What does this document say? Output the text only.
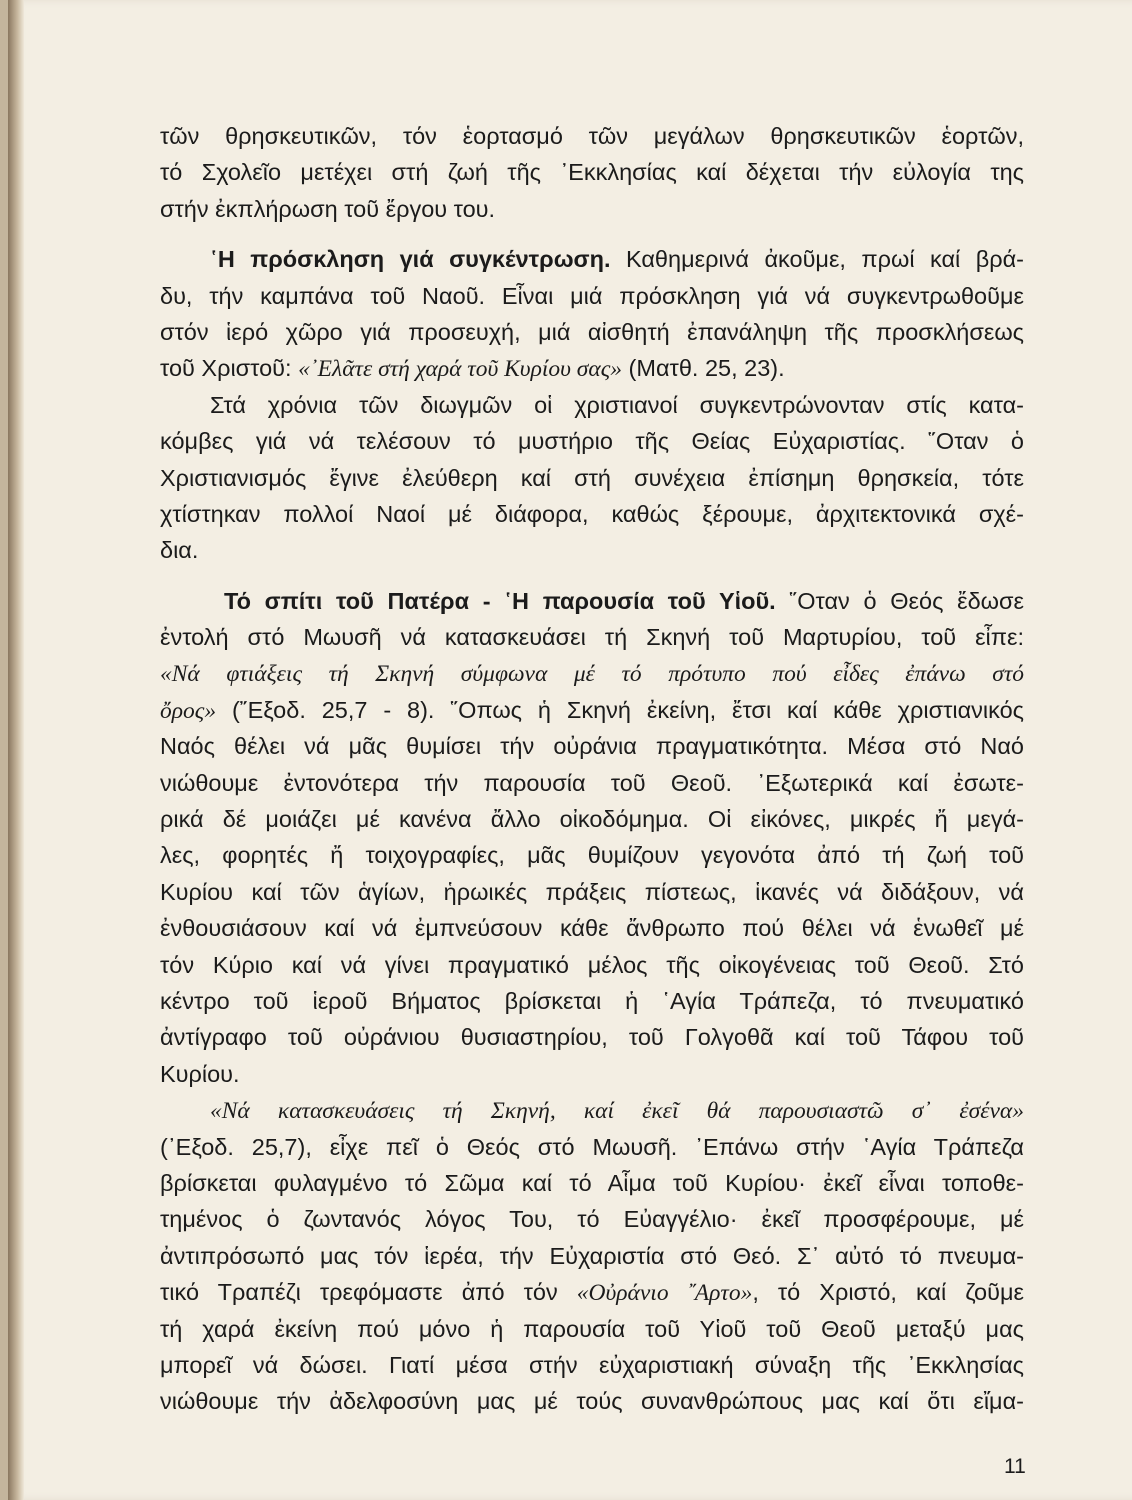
τῶν θρησκευτικῶν, τόν ἑορτασμό τῶν μεγάλων θρησκευτικῶν ἑορτῶν,
τό Σχολεῖο μετέχει στή ζωή τῆς ᾿Εκκλησίας καί δέχεται τήν εὐλογία της
στήν ἐκπλήρωση τοῦ ἔργου του.
῾Η πρόσκληση γιά συγκέντρωση. Καθημερινά ἀκοῦμε, πρωί καί βρά-
δυ, τήν καμπάνα τοῦ Ναοῦ. Εἶναι μιά πρόσκληση γιά νά συγκεντρωθοῦμε
στόν ἱερό χῶρο γιά προσευχή, μιά αἰσθητή ἐπανάληψη τῆς προσκλήσεως
τοῦ Χριστοῦ: «᾿Ελᾶτε στή χαρά τοῦ Κυρίου σας» (Ματθ. 25, 23).
Στά χρόνια τῶν διωγμῶν οἱ χριστιανοί συγκεντρώνονταν στίς κατα-
κόμβες γιά νά τελέσουν τό μυστήριο τῆς Θείας Εὐχαριστίας. ῞Οταν ὁ
Χριστιανισμός ἔγινε ἐλεύθερη καί στή συνέχεια ἐπίσημη θρησκεία, τότε
χτίστηκαν πολλοί Ναοί μέ διάφορα, καθώς ξέρουμε, ἀρχιτεκτονικά σχέ-
δια.
Τό σπίτι τοῦ Πατέρα - ῾Η παρουσία τοῦ Υἱοῦ. ῞Οταν ὁ Θεός ἔδωσε
ἐντολή στό Μωυσῆ νά κατασκευάσει τή Σκηνή τοῦ Μαρτυρίου, τοῦ εἶπε:
«Νά φτιάξεις τή Σκηνή σύμφωνα μέ τό πρότυπο πού εἶδες ἐπάνω στό
ὄρος» (῎Εξοδ. 25,7 - 8). ῞Οπως ἡ Σκηνή ἐκείνη, ἔτσι καί κάθε χριστιανικός
Ναός θέλει νά μᾶς θυμίσει τήν οὐράνια πραγματικότητα. Μέσα στό Ναό
νιώθουμε ἐντονότερα τήν παρουσία τοῦ Θεοῦ. ᾿Εξωτερικά καί ἐσωτε-
ρικά δέ μοιάζει μέ κανένα ἄλλο οἰκοδόμημα. Οἱ εἰκόνες, μικρές ἤ μεγά-
λες, φορητές ἤ τοιχογραφίες, μᾶς θυμίζουν γεγονότα ἀπό τή ζωή τοῦ
Κυρίου καί τῶν ἁγίων, ἡρωικές πράξεις πίστεως, ἱκανές νά διδάξουν, νά
ἐνθουσιάσουν καί νά ἐμπνεύσουν κάθε ἄνθρωπο πού θέλει νά ἑνωθεῖ μέ
τόν Κύριο καί νά γίνει πραγματικό μέλος τῆς οἰκογένειας τοῦ Θεοῦ. Στό
κέντρο τοῦ ἱεροῦ Βήματος βρίσκεται ἡ ῾Αγία Τράπεζα, τό πνευματικό
ἀντίγραφο τοῦ οὐράνιου θυσιαστηρίου, τοῦ Γολγοθᾶ καί τοῦ Τάφου τοῦ
Κυρίου.
«Νά κατασκευάσεις τή Σκηνή, καί ἐκεῖ θά παρουσιαστῶ σ᾿ ἐσένα»
(᾿Εξοδ. 25,7), εἶχε πεῖ ὁ Θεός στό Μωυσῆ. ᾿Επάνω στήν ῾Αγία Τράπεζα
βρίσκεται φυλαγμένο τό Σῶμα καί τό Αἷμα τοῦ Κυρίου· ἐκεῖ εἶναι τοποθε-
τημένος ὁ ζωντανός λόγος Του, τό Εὐαγγέλιο· ἐκεῖ προσφέρουμε, μέ
ἀντιπρόσωπό μας τόν ἱερέα, τήν Εὐχαριστία στό Θεό. Σ᾿ αὐτό τό πνευμα-
τικό Τραπέζι τρεφόμαστε ἀπό τόν «Οὐράνιο ῎Αρτο», τό Χριστό, καί ζοῦμε
τή χαρά ἐκείνη πού μόνο ἡ παρουσία τοῦ Υἱοῦ τοῦ Θεοῦ μεταξύ μας
μπορεῖ νά δώσει. Γιατί μέσα στήν εὐχαριστιακή σύναξη τῆς ᾿Εκκλησίας
νιώθουμε τήν ἀδελφοσύνη μας μέ τούς συνανθρώπους μας καί ὅτι εἴμα-
11
